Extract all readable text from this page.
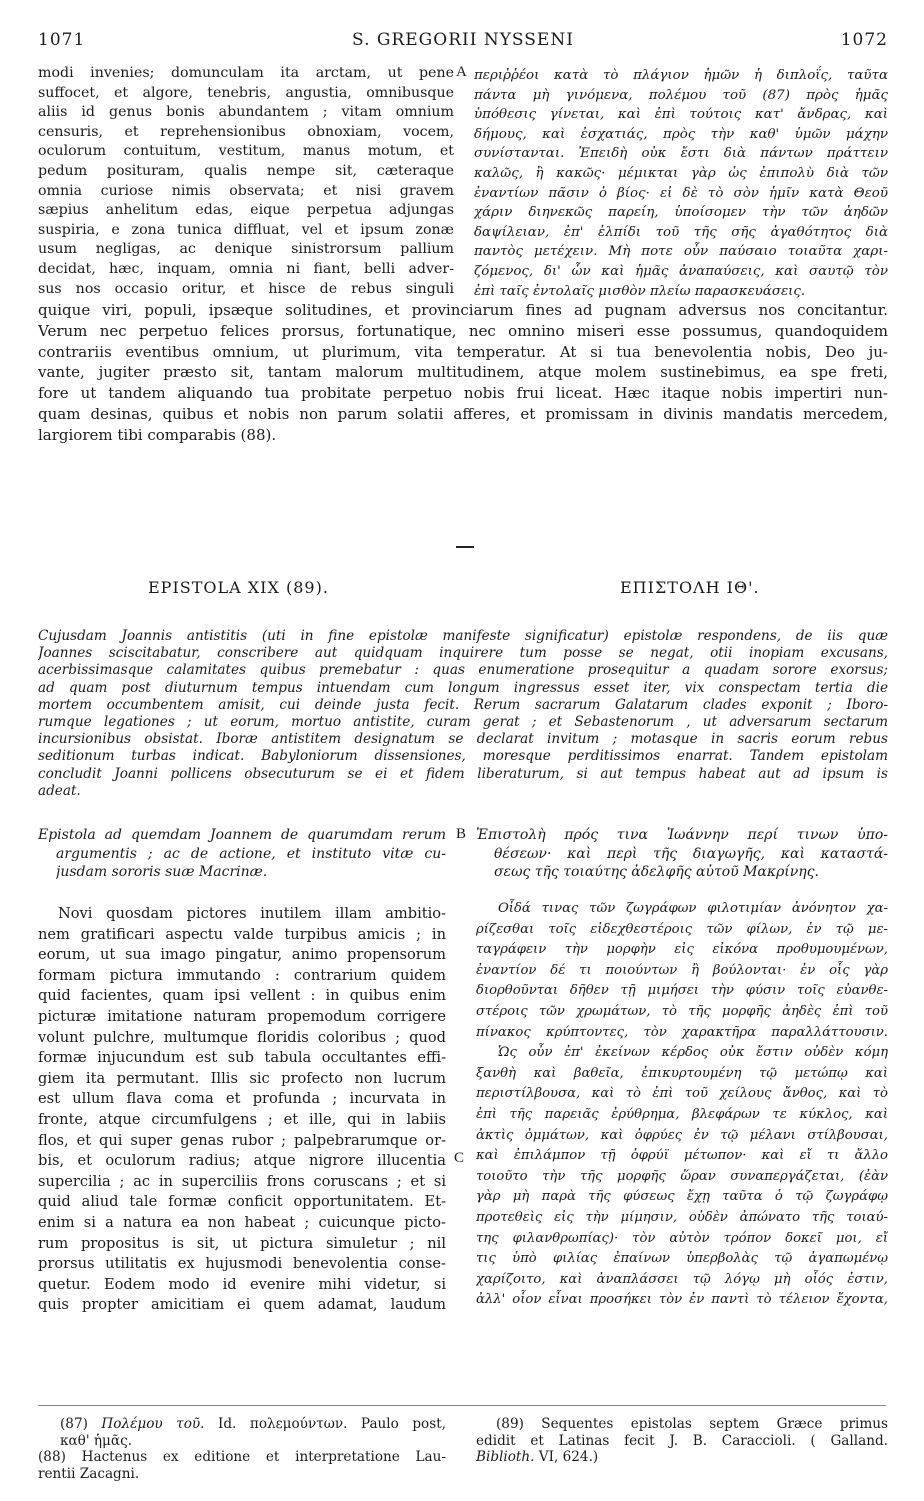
1071	S. GREGORII NYSSENI	1072
modi invenies; domunculam ita arctam, ut pene
suffocet, et algore, tenebris, angustia, omnibusque
aliis id genus bonis abundantem ; vitam omnium
censuris, et reprehensionibus obnoxiam, vocem,
oculorum contuitum, vestitum, manus motum, et
pedum posituram, qualis nempe sit, cæteraque
omnia curiose nimis observata; et nisi gravem
sæpius anhelitum edas, eique perpetua adjungas
suspiria, e zona tunica diffluat, vel et ipsum zonæ
usum negligas, ac denique sinistrorsum pallium
decidat, hæc, inquam, omnia ni fiant, belli adver-
sus nos occasio oritur, et hisce de rebus singuli
A περιῤῥέοι κατὰ τὸ πλάγιον ἡμῶν ἡ διπλοΐς, ταῦτα
πάντα μὴ γινόμενα, πολέμου τοῦ (87) πρὸς ἡμᾶς
ὑπόθεσις γίνεται, καὶ ἐπὶ τούτοις κατ' ἄνδρας, καὶ
δήμους, καὶ ἐσχατιάς, πρὸς τὴν καθ' ὑμῶν μάχην
συνίστανται. Ἐπειδὴ οὐκ ἔστι διὰ πάντων πράττειν
καλῶς, ἢ κακῶς· μέμικται γὰρ ὡς ἐπιπολὺ διὰ τῶν
ἐναντίων πᾶσιν ὁ βίος· εἰ δὲ τὸ σὸν ἡμῖν κατὰ Θεοῦ
χάριν διηνεκῶς παρείη, ὑποίσομεν τὴν τῶν ἀηδῶν
δαψίλειαν, ἐπ' ἐλπίδι τοῦ τῆς σῆς ἀγαθότητος διὰ
παντὸς μετέχειν. Μὴ ποτε οὖν παύσαιο τοιαῦτα χαρι-
ζόμενος, δι' ὧν καὶ ἡμᾶς ἀναπαύσεις, καὶ σαυτῷ τὸν
ἐπὶ ταῖς ἐντολαῖς μισθὸν πλείω παρασκευάσεις.
quique viri, populi, ipsæque solitudines, et provinciarum fines ad pugnam adversus nos concitantur.
Verum nec perpetuo felices prorsus, fortunatique, nec omnino miseri esse possumus, quandoquidem
contrariis eventibus omnium, ut plurimum, vita temperatur. At si tua benevolentia nobis, Deo ju-
vante, jugiter præsto sit, tantam malorum multitudinem, atque molem sustinebimus, ea spe freti,
fore ut tandem aliquando tua probitate perpetuo nobis frui liceat. Hæc itaque nobis impertiri nun-
quam desinas, quibus et nobis non parum solatii afferes, et promissam in divinis mandatis mercedem,
largiorem tibi comparabis (88).
EPISTOLA XIX (89).	ΕΠΙΣΤΟΛΗ ΙΘ'.
Cujusdam Joannis antistitis (uti in fine epistolæ manifeste significatur) epistolæ respondens, de iis quæ
Joannes sciscitabatur, conscribere aut quidquam inquirere tum posse se negat, otii inopiam excusans,
acerbissimasque calamitates quibus premebatur : quas enumeratione prosequitur a quadam sorore exorsus;
ad quam post diuturnum tempus intuendam cum longum ingressus esset iter, vix conspectam tertia die
mortem occumbentem amisit, cui deinde justa fecit. Rerum sacrarum Galatarum clades exponit ; Iboro-
rumque legationes ; ut eorum, mortuo antistite, curam gerat ; et Sebastenorum , ut adversarum sectarum
incursionibus obsistat. Iboræ antistitem designatum se declarat invitum ; motasque in sacris eorum rebus
seditionum turbas indicat. Babyloniorum dissensiones, moresque perditissimos enarrat. Tandem epistolam
concludit Joanni pollicens obsecuturum se ei et fidem liberaturum, si aut tempus habeat aut ad ipsum is
adeat.
Epistola ad quemdam Joannem de quarumdam rerum
argumentis ; ac de actione, et instituto vitæ cu-
jusdam sororis suæ Macrinæ.
B Ἐπιστολὴ πρός τινα Ἰωάννην περί τινων ὑπο-
θέσεων· καὶ περὶ τῆς διαγωγῆς, καὶ καταστά-
σεως τῆς τοιαύτης ἀδελφῆς αὐτοῦ Μακρίνης.
Novi quosdam pictores inutilem illam ambitio-
nem gratificari aspectu valde turpibus amicis ; in
eorum, ut sua imago pingatur, animo propensorum
formam pictura immutando : contrarium quidem
quid facientes, quam ipsi vellent : in quibus enim
picturæ imitatione naturam propemodum corrigere
volunt pulchre, multumque floridis coloribus ; quod
formæ injucundum est sub tabula occultantes effi-
giem ita permutant. Illis sic profecto non lucrum
est ullum flava coma et profunda ; incurvata in
fronte, atque circumfulgens ; et ille, qui in labiis
flos, et qui super genas rubor ; palpebrarumque or-
bis, et oculorum radius; atque nigrore illucentia
supercilia ; ac in superciliis frons coruscans ; et si
quid aliud tale formæ conficit opportunitatem. Et-
enim si a natura ea non habeat ; cuicunque picto-
rum propositus is sit, ut pictura simuletur ; nil
prorsus utilitatis ex hujusmodi benevolentia conse-
quetur. Eodem modo id evenire mihi videtur, si
quis propter amicitiam ei quem adamat, laudum
C
Οἶδά τινας τῶν ζωγράφων φιλοτιμίαν ἀνόνητον χα-
ρίζεσθαι τοῖς εἰδεχθεστέροις τῶν φίλων, ἐν τῷ με-
ταγράφειν τὴν μορφὴν εἰς εἰκόνα προθυμουμένων,
ἐναντίον δέ τι ποιούντων ἢ βούλονται· ἐν οἷς γὰρ
διορθοῦνται δῆθεν τῇ μιμήσει τὴν φύσιν τοῖς εὐανθε-
στέροις τῶν χρωμάτων, τὸ τῆς μορφῆς ἀηδὲς ἐπὶ τοῦ
πίνακος κρύπτοντες, τὸν χαρακτῆρα παραλλάττουσιν.
Ὡς οὖν ἐπ' ἐκείνων κέρδος οὐκ ἔστιν οὐδὲν κόμη
ξανθὴ καὶ βαθεῖα, ἐπικυρτουμένη τῷ μετώπῳ καὶ
περιστίλβουσα, καὶ τὸ ἐπὶ τοῦ χείλους ἄνθος, καὶ τὸ
ἐπὶ τῆς παρειᾶς ἐρύθρημα, βλεφάρων τε κύκλος, καὶ
ἀκτὶς ὀμμάτων, καὶ ὀφρύες ἐν τῷ μέλανι στίλβουσαι,
καὶ ἐπιλάμπον τῇ ὀφρύϊ μέτωπον· καὶ εἴ τι ἄλλο
τοιοῦτο τὴν τῆς μορφῆς ὥραν συναπεργάζεται, (ἐὰν
γὰρ μὴ παρὰ τῆς φύσεως ἔχῃ ταῦτα ὁ τῷ ζωγράφῳ
προτεθεὶς εἰς τὴν μίμησιν, οὐδὲν ἀπώνατο τῆς τοιαύ-
της φιλανθρωπίας)· τὸν αὐτὸν τρόπον δοκεῖ μοι, εἴ
τις ὑπὸ φιλίας ἐπαίνων ὑπερβολὰς τῷ ἀγαπωμένῳ
χαρίζοιτο, καὶ ἀναπλάσσει τῷ λόγῳ μὴ οἷός ἐστιν,
ἀλλ' οἷον εἶναι προσήκει τὸν ἐν παντὶ τὸ τέλειον ἔχοντα,
(87) Πολέμου τοῦ. Id. πολεμούντων. Paulo post,
καθ' ἡμᾶς.
(88) Hactenus ex editione et interpretatione Lau-
rentii Zacagni.
(89) Sequentes epistolas septem Græce primus
edidit et Latinas fecit J. B. Caraccioli. ( Galland.
Biblioth. VI, 624.)
